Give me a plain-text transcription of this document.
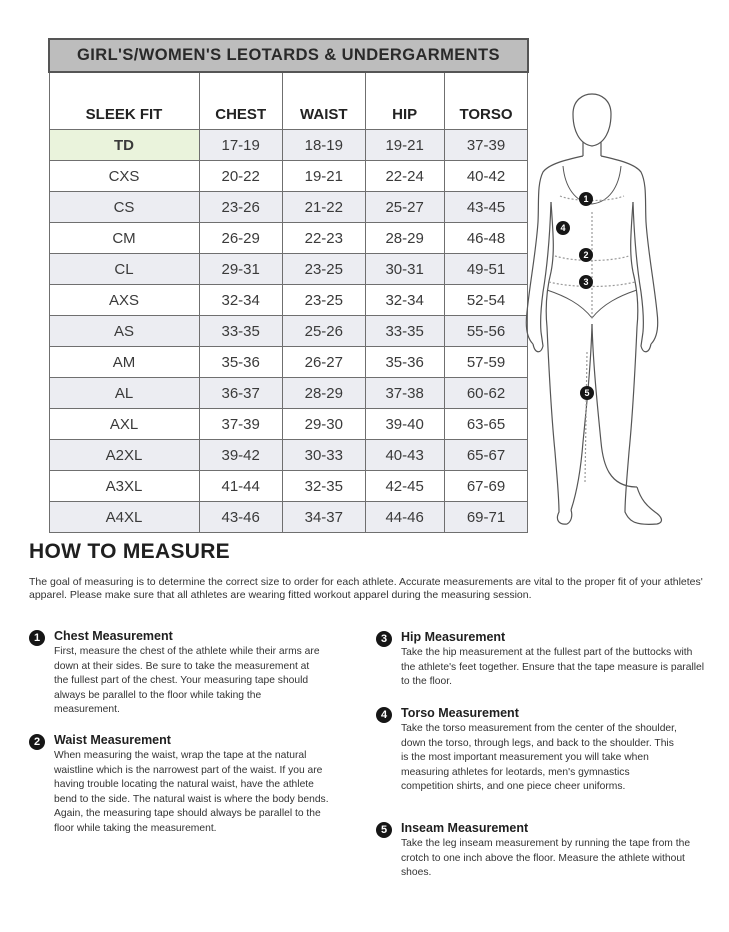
GIRL'S/WOMEN'S LEOTARDS & UNDERGARMENTS					
SLEEK FIT	CHEST	WAIST	HIP	TORSO	
TD	17-19	18-19	19-21	37-39	
CXS	20-22	19-21	22-24	40-42	
CS	23-26	21-22	25-27	43-45	
CM	26-29	22-23	28-29	46-48	
CL	29-31	23-25	30-31	49-51	
AXS	32-34	23-25	32-34	52-54	
AS	33-35	25-26	33-35	55-56	
AM	35-36	26-27	35-36	57-59	
AL	36-37	28-29	37-38	60-62	
AXL	37-39	29-30	39-40	63-65	
A2XL	39-42	30-33	40-43	65-67	
A3XL	41-44	32-35	42-45	67-69	
A4XL	43-46	34-37	44-46	69-71	
1
4
2
3
5
HOW TO MEASURE

The goal of measuring is to determine the correct size to order for each athlete. Accurate measurements are vital to the proper fit of your athletes' apparel. Please make sure that all athletes are wearing fitted workout apparel during the measuring session.

1	Chest Measurement

First, measure the chest of the athlete while their arms are down at their sides. Be sure to take the measurement at the fullest part of the chest. Your measuring tape should always be parallel to the floor while taking the measurement.

2	Waist Measurement

When measuring the waist, wrap the tape at the natural waistline which is the narrowest part of the waist. If you are having trouble locating the natural waist, have the athlete bend to the side. The natural waist is where the body bends. Again, the measuring tape should always be parallel to the floor while taking the measurement.

3	Hip Measurement

Take the hip measurement at the fullest part of the buttocks with the athlete's feet together. Ensure that the tape measure is parallel to the floor.

4	Torso Measurement

Take the torso measurement from the center of the shoulder, down the torso, through legs, and back to the shoulder. This is the most important measurement you will take when measuring athletes for leotards, men's gymnastics competition shirts, and one piece cheer uniforms.

5	Inseam Measurement

Take the leg inseam measurement by running the tape from the crotch to one inch above the floor. Measure the athlete without shoes.
